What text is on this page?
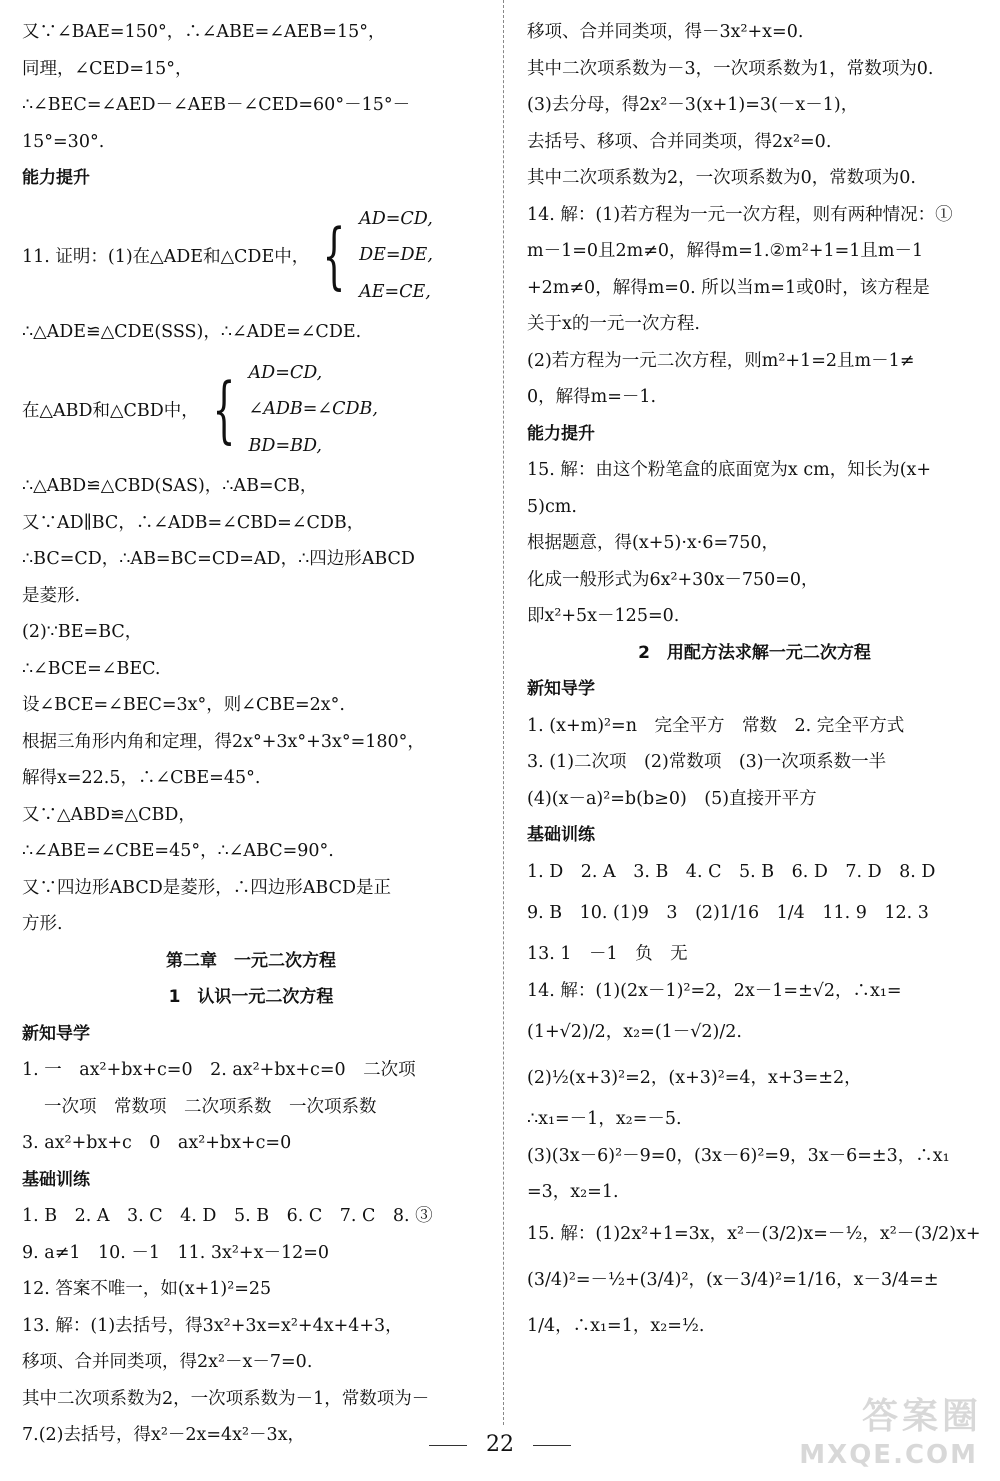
又∵∠BAE=150°，∴∠ABE=∠AEB=15°，
同理，∠CED=15°，
∴∠BEC=∠AED－∠AEB－∠CED=60°－15°－
15°=30°.
能力提升
11. 证明：(1)在△ADE和△CDE中， { AD=CD,
DE=DE,
AE=CE,
∴△ADE≌△CDE(SSS)，∴∠ADE=∠CDE.
在△ABD和△CBD中， { AD=CD,
∠ADB=∠CDB,
BD=BD,
∴△ABD≌△CBD(SAS)，∴AB=CB，
又∵AD∥BC，∴∠ADB=∠CBD=∠CDB，
∴BC=CD，∴AB=BC=CD=AD，∴四边形ABCD
是菱形.
(2)∵BE=BC，
∴∠BCE=∠BEC.
设∠BCE=∠BEC=3x°，则∠CBE=2x°.
根据三角形内角和定理，得2x°+3x°+3x°=180°，
解得x=22.5，∴∠CBE=45°.
又∵△ABD≌△CBD，
∴∠ABE=∠CBE=45°，∴∠ABC=90°.
又∵四边形ABCD是菱形，∴四边形ABCD是正
方形.
第二章　一元二次方程
1　认识一元二次方程
新知导学
1. 一　ax²+bx+c=0　2. ax²+bx+c=0　二次项
一次项　常数项　二次项系数　一次项系数
3. ax²+bx+c　0　ax²+bx+c=0
基础训练
1. B　2. A　3. C　4. D　5. B　6. C　7. C　8. ③
9. a≠1　10. －1　11. 3x²+x－12=0
12. 答案不唯一，如(x+1)²=25
13. 解：(1)去括号，得3x²+3x=x²+4x+4+3，
移项、合并同类项，得2x²－x－7=0.
其中二次项系数为2，一次项系数为－1，常数项为－
7.(2)去括号，得x²－2x=4x²－3x，
移项、合并同类项，得－3x²+x=0.
其中二次项系数为－3，一次项系数为1，常数项为0.
(3)去分母，得2x²－3(x+1)=3(－x－1)，
去括号、移项、合并同类项，得2x²=0.
其中二次项系数为2，一次项系数为0，常数项为0.
14. 解：(1)若方程为一元一次方程，则有两种情况：①
m－1=0且2m≠0，解得m=1.②m²+1=1且m－1
+2m≠0，解得m=0. 所以当m=1或0时，该方程是
关于x的一元一次方程.
(2)若方程为一元二次方程，则m²+1=2且m－1≠
0，解得m=－1.
能力提升
15. 解：由这个粉笔盒的底面宽为x cm，知长为(x+
5)cm.
根据题意，得(x+5)·x·6=750，
化成一般形式为6x²+30x－750=0，
即x²+5x－125=0.
2　用配方法求解一元二次方程
新知导学
1. (x+m)²=n　完全平方　常数　2. 完全平方式
3. (1)二次项　(2)常数项　(3)一次项系数一半
(4)(x－a)²=b(b≥0)　(5)直接开平方
基础训练
1. D　2. A　3. B　4. C　5. B　6. D　7. D　8. D
9. B　10. (1)9　3　(2)1/16　1/4　11. 9　12. 3
13. 1　－1　负　无
14. 解：(1)(2x－1)²=2，2x－1=±√2，∴x₁=
(1+√2)/2，x₂=(1－√2)/2.
(2)½(x+3)²=2，(x+3)²=4，x+3=±2，
∴x₁=－1，x₂=－5.
(3)(3x－6)²－9=0，(3x－6)²=9，3x－6=±3，∴x₁
=3，x₂=1.
15. 解：(1)2x²+1=3x，x²－(3/2)x=－½，x²－(3/2)x+
(3/4)²=－½+(3/4)²，(x－3/4)²=1/16，x－3/4=±
1/4，∴x₁=1，x₂=½.
22
答案圈
MXQE.COM
